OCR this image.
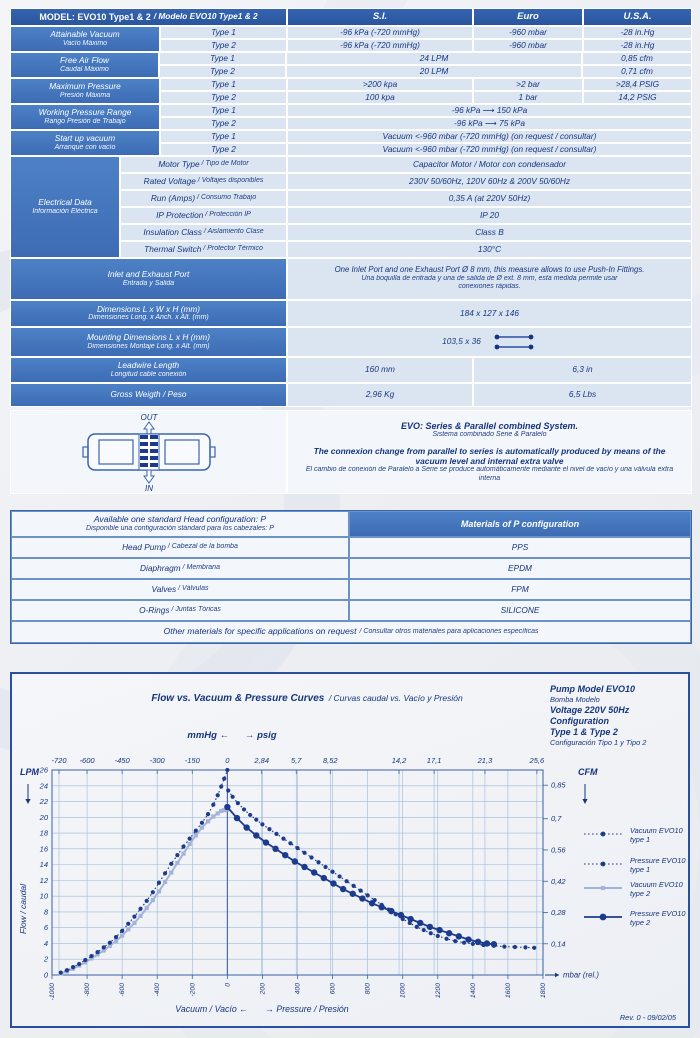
MODEL: EVO10 Type1 & 2 / Modelo EVO10 Type1 & 2	S.I.	Euro	U.S.A.
Attainable Vacuum
Vacío Máximo
Type 1	-96 kPa (-720 mmHg)	-960 mbar	-28 in.Hg
Type 2	-96 kPa (-720 mmHg)	-960 mbar	-28 in.Hg
Free Air Flow
Caudal Máximo
Type 1	24 LPM	0,85 cfm
Type 2	20 LPM	0,71 cfm
Maximum Pressure
Presión Máxima
Type 1	>200 kpa	>2 bar	>28,4 PSIG
Type 2	100 kpa	1 bar	14,2 PSIG
Working Pressure Range
Rango Presión de Trabajo
Type 1	-96 kPa ⟶ 150 kPa
Type 2	-96 kPa ⟶ 75 kPa
Start up vacuum
Arranque con vacío
Type 1	Vacuum <-960 mbar (-720 mmHg) (on request / consultar)
Type 2	Vacuum <-960 mbar (-720 mmHg) (on request / consultar)
Electrical Data
Información Eléctrica
Motor Type / Tipo de Motor	Capacitor Motor / Motor con condensador
Rated Voltage / Voltajes disponibles	230V 50/60Hz, 120V 60Hz & 200V 50/60Hz
Run (Amps) / Consumo Trabajo	0,35 A (at 220V 50Hz)
IP Protection / Protección IP	IP 20
Insulation Class / Aislamiento Clase	Class B
Thermal Switch / Protector Térmico	130°C
Inlet and Exhaust Port
Entrada y Salida
One Inlet Port and one Exhaust Port Ø 8 mm, this measure allows to use Push-In Fittings.
Una boquilla de entrada y una de salida de Ø ext. 8 mm, esta medida permite usar
conexiones rápidas.
Dimensions L x W x H (mm)
Dimensiones Long. x Anch. x Alt. (mm)	184 x 127 x 146
Mounting Dimensions L x H (mm)
Dimensiones Montaje Long. x Alt. (mm)	103,5 x 36
Leadwire Length
Longitud cable conexión	160 mm	6,3 in
Gross Weigth / Peso	2,96 Kg	6,5 Lbs
OUT
IN
EVO: Series & Parallel combined System.
Sistema combinado Serie & Paralelo
The connexion change from parallel to series is automatically produced by means of the vacuum level and internal extra valve
El cambio de conexión de Paralelo a Serie se produce automáticamente mediante el nivel de vacío y una válvula extra interna
Available one standard Head configuration: P
Disponible una configuración stándard para los cabezales: P	Materials of P configuration
Head Pump / Cabezal de la bomba	PPS
Diaphragm / Membrana	EPDM
Valves / Válvulas	FPM
O-Rings / Juntas Tóricas	SILICONE
Other materials for specific applications on request / Consultar otros materiales para aplicaciones específicas
-720 -600	-450	-300	-150	0	2,84	5,7	8,52	14,2	17,1	21,3	25,6
-1000	-800	-600	-400	-200	0	200	400	600	800	1000	1200	1400	1600	1800
mbar (rel.)
0
2
4
6
8
10
12
14
16
18
20
22
24
26
LPM
Flow / caudal
0,85
0,7
0,56
0,42
0,28
0,14
CFM
Vacuum EVO10
type 1
Pressure EVO10
type 1
Vacuum EVO10
type 2
Pressure EVO10
type 2
Flow vs. Vacuum & Pressure Curves / Curvas caudal vs. Vacío y Presión
Pump Model EVO10
Bomba Modelo
Voltage 220V 50Hz
Configuration
Type 1 & Type 2
Configuración Tipo 1 y Tipo 2
mmHg ←      → psig
Vacuum / Vacío ←       → Pressure / Presión
Rev. 0 - 09/02/05
